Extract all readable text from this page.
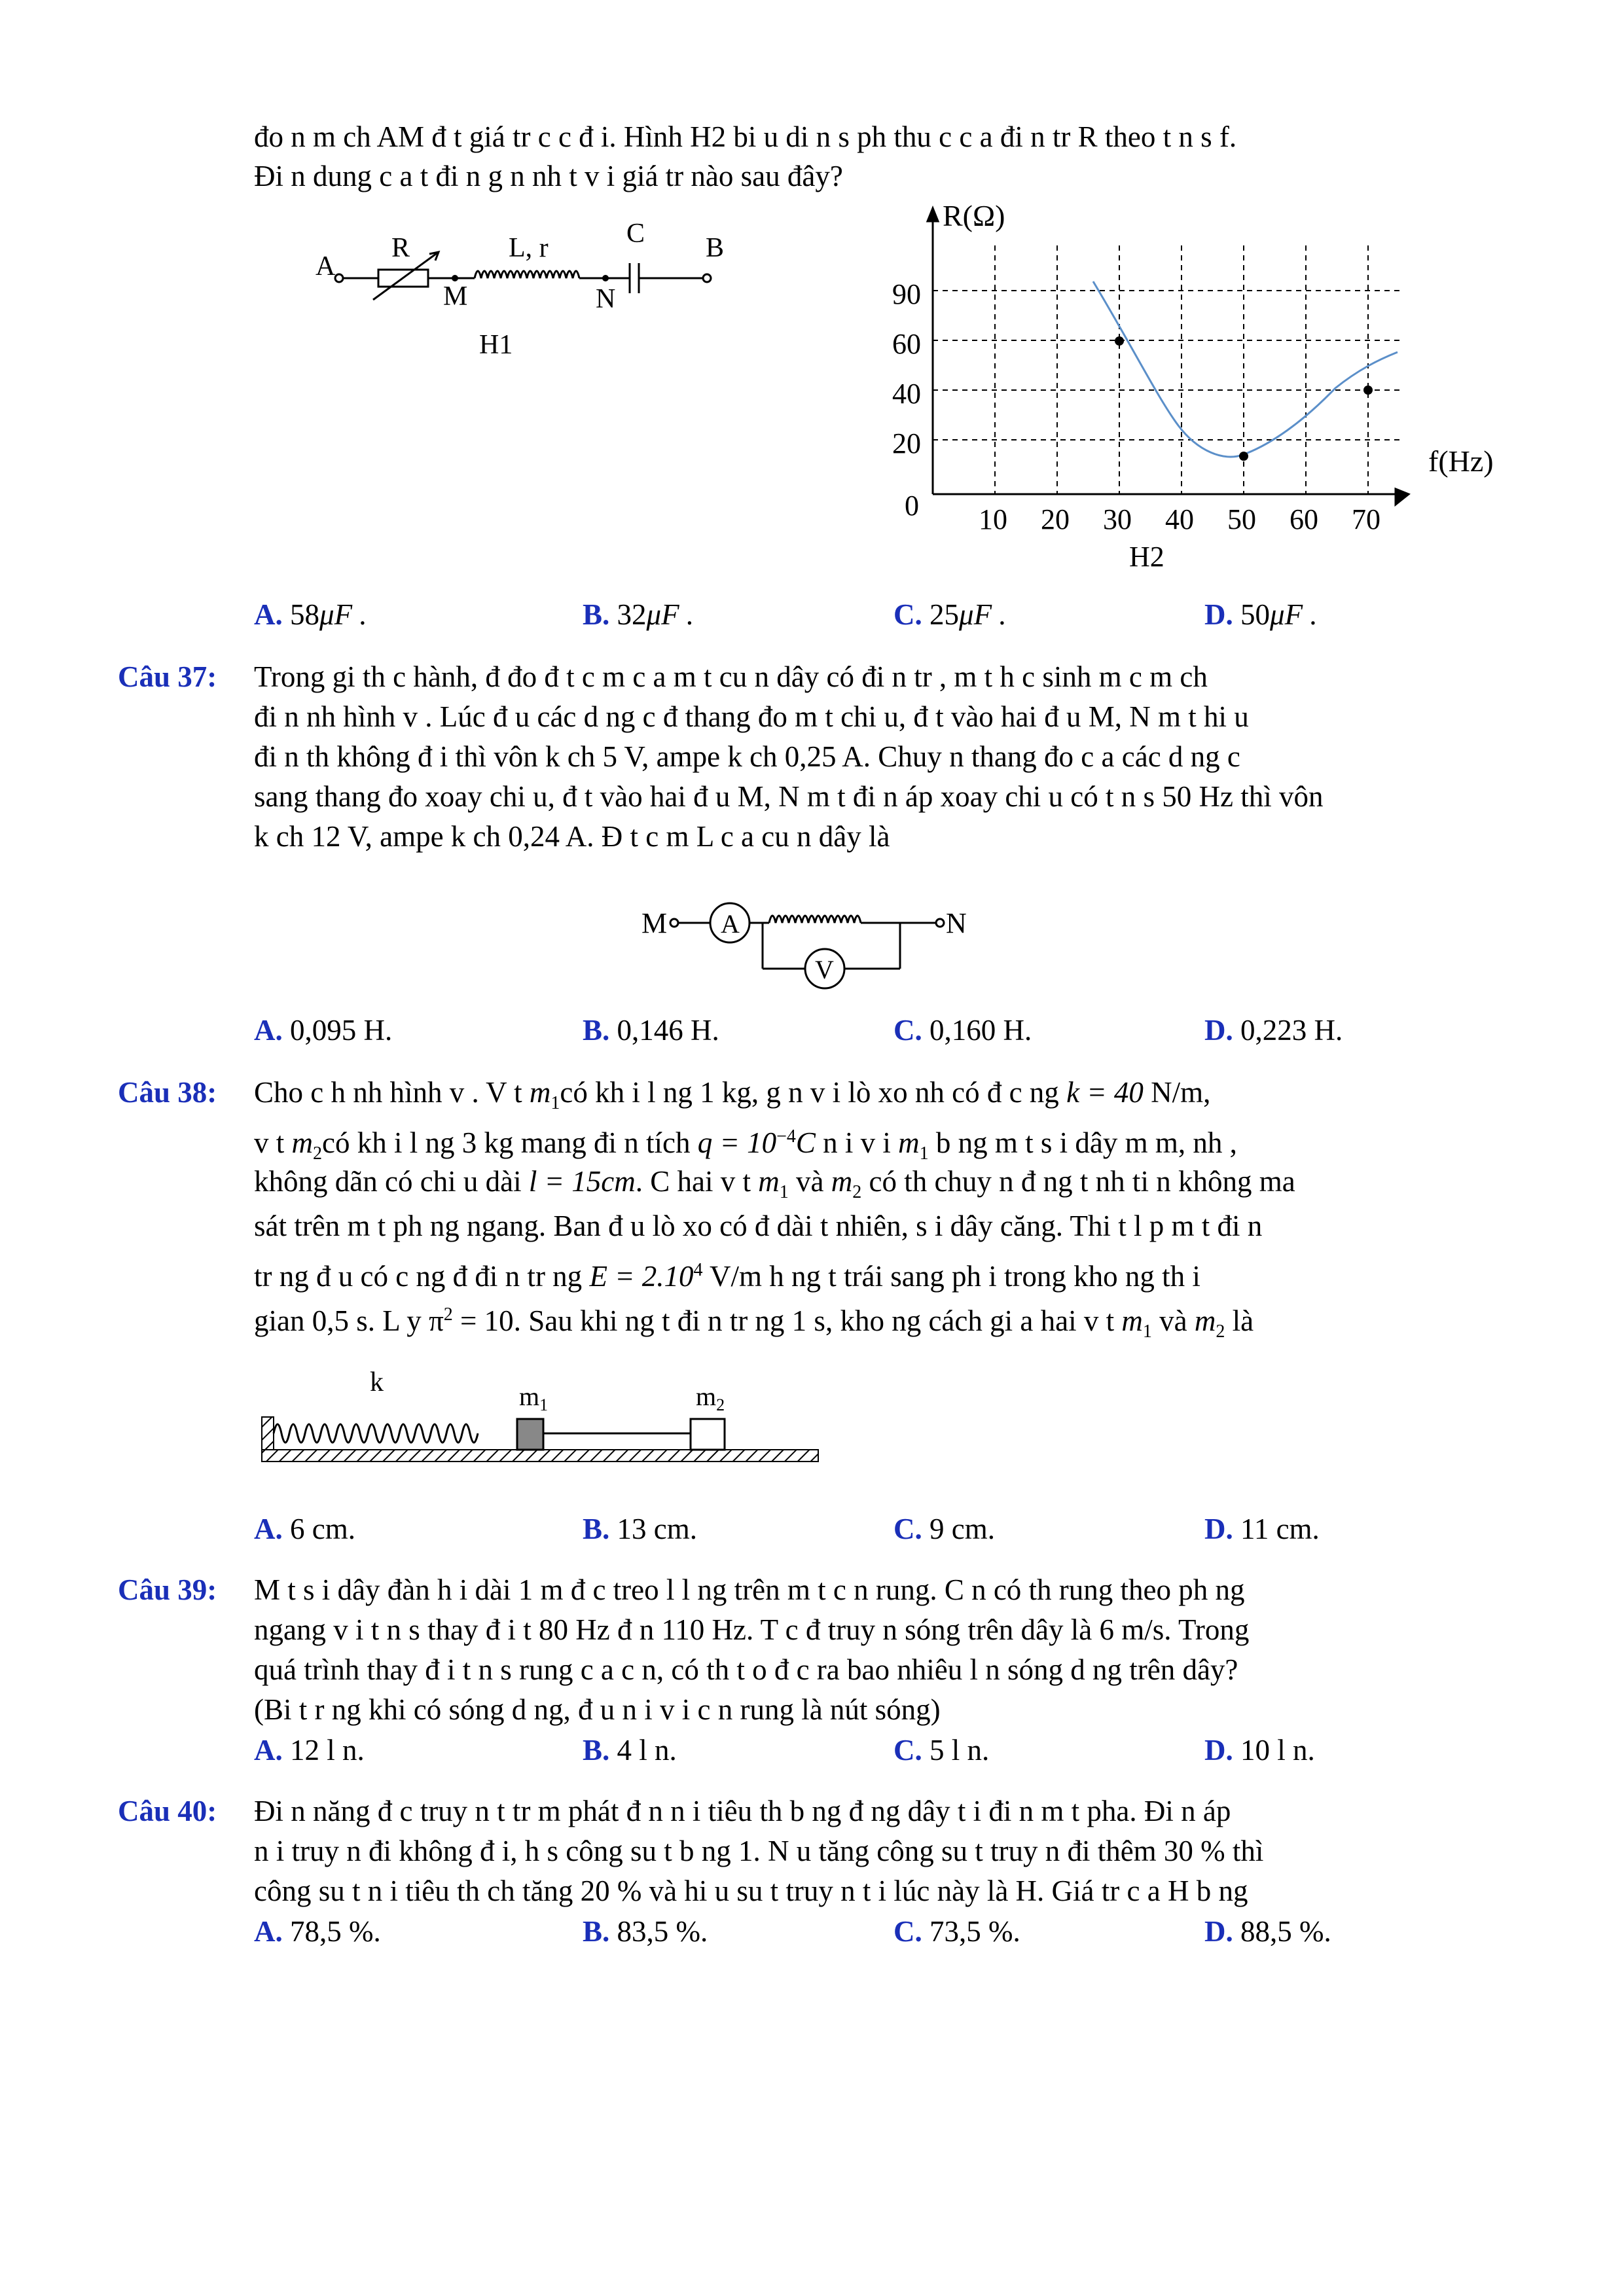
đo n m ch AM đ t giá tr c c đ i. Hình H2 bi u di n s ph thu c c a đi n tr R theo t n s f.
Đi n dung c a t đi n g n nh t v i giá tr nào sau đây?
A
R
M
L, r
N
C B
H1
R(Ω)
f(Hz)
0
20
40
60
90
10 20 30 40 50 60 70
H2
A. 58μF .	B. 32μF .	C. 25μF .	D. 50μF .
Câu 37: Trong gi th c hành, đ đo đ t c m c a m t cu n dây có đi n tr , m t h c sinh m c m ch
đi n nh hình v . Lúc đ u các d ng c đ thang đo m t chi u, đ t vào hai đ u M, N m t hi u
đi n th không đ i thì vôn k ch 5 V, ampe k ch 0,25 A. Chuy n thang đo c a các d ng c
sang thang đo xoay chi u, đ t vào hai đ u M, N m t đi n áp xoay chi u có t n s 50 Hz thì vôn
k ch 12 V, ampe k ch 0,24 A. Đ t c m L c a cu n dây là
M	N
A
V
A. 0,095 H.	B. 0,146 H.	C. 0,160 H.	D. 0,223 H.
Câu 38: Cho c h nh hình v . V t $m_1có$ kh i l ng 1 kg, g n v i lò xo nh có đ c ng k = 40 N/m,
v t $m_2có$ kh i l ng 3 kg mang đi n tích $q = 10^{-4}C$ n i v i $m_1$ b ng m t s i dây m m, nh ,
không dãn có chi u dài l = 15cm. C hai v t $m_1$ và $m_2$ có th chuy n đ ng t nh ti n không ma
sát trên m t ph ng ngang. Ban đ u lò xo có đ dài t nhiên, s i dây căng. Thi t l p m t đi n
tr ng đ u có c ng đ đi n tr ng $E = 2.10^4$ V/m h ng t trái sang ph i trong kho ng th i
gian 0,5 s. L y $\pi^2 = 10$. Sau khi ng t đi n tr ng 1 s, kho ng cách gi a hai v t $m_1$ và $m_2$ là
k	$m_1$	$m_2$
A. 6 cm.	B. 13 cm.	C. 9 cm.	D. 11 cm.
Câu 39: M t s i dây đàn h i dài 1 m đ c treo l l ng trên m t c n rung. C n có th rung theo ph ng
ngang v i t n s thay đ i t 80 Hz đ n 110 Hz. T c đ truy n sóng trên dây là 6 m/s. Trong
quá trình thay đ i t n s rung c a c n, có th t o đ c ra bao nhiêu l n sóng d ng trên dây?
(Bi t r ng khi có sóng d ng, đ u n i v i c n rung là nút sóng)
A. 12 l n.	B. 4 l n.	C. 5 l n.	D. 10 l n.
Câu 40: Đi n năng đ c truy n t tr m phát đ n n i tiêu th b ng đ ng dây t i đi n m t pha. Đi n áp
n i truy n đi không đ i, h s công su t b ng 1. N u tăng công su t truy n đi thêm 30 % thì
công su t n i tiêu th ch tăng 20 % và hi u su t truy n t i lúc này là H. Giá tr c a H b ng
A. 78,5 %.	B. 83,5 %.	C. 73,5 %.	D. 88,5 %.
